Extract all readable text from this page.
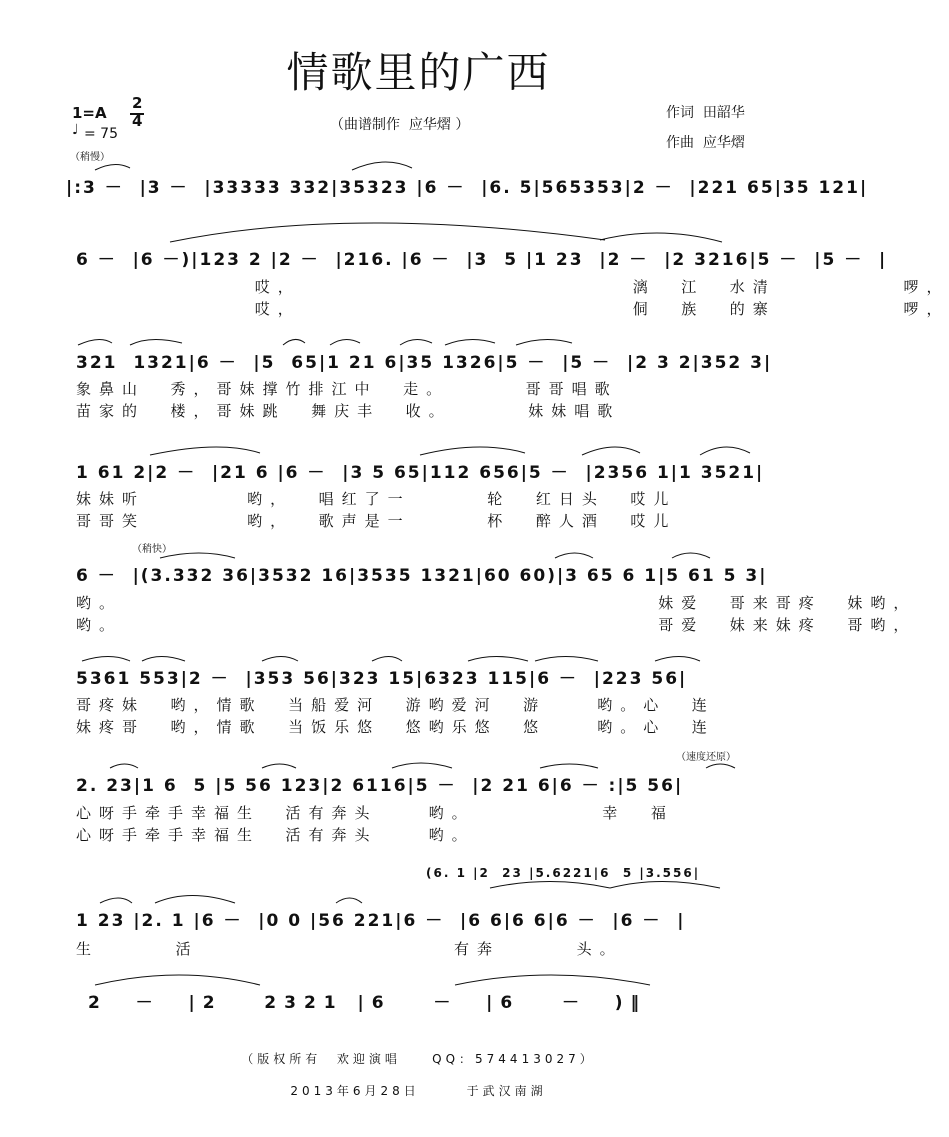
情歌里的广西
1=A
2
4
♩ = 75
（稍慢）
（曲谱制作  应华熠 ）
作词  田韶华
作曲  应华熠
|:3 －  |3 －  |33333 332|35323 |6 －  |6. 5|565353|2 －  |221 65|35 121|
6 －  |6 －)|123 2 |2 －  |216. |6 －  |3  5 |1 23  |2 －  |2 3216|5 －  |5 －  |
哎，                          漓  江  水清          啰，
哎，                          侗  族  的寨          啰，
321  1321|6 －  |5  65|1 21 6|35 1326|5 －  |5 －  |2 3 2|352 3|
象鼻山  秀，哥妹撑竹排江中  走。      哥哥唱歌
苗家的  楼，哥妹跳  舞庆丰  收。      妹妹唱歌
1 61 2|2 －  |21 6 |6 －  |3 5 65|112 656|5 －  |2356 1|1 3521|
妹妹听        哟，  唱红了一      轮  红日头  哎儿
哥哥笑        哟，  歌声是一      杯  醉人酒  哎儿
（稍快）
6 －  |(3.332 36|3532 16|3535 1321|60 60)|3 65 6 1|5 61 5 3|
哟。                                          妹爱  哥来哥疼  妹哟，
哟。                                          哥爱  妹来妹疼  哥哟，
5361 553|2 －  |353 56|323 15|6323 115|6 －  |223 56|
哥疼妹  哟，情歌  当船爱河  游哟爱河  游    哟。心  连
妹疼哥  哟，情歌  当饭乐悠  悠哟乐悠  悠    哟。心  连
（速度还原）
2. 23|1 6  5 |5 56 123|2 6116|5 －  |2 21 6|6 － :|5 56|
心呀手牵手幸福生  活有奔头    哟。          幸  福
心呀手牵手幸福生  活有奔头    哟。
(6. 1 |2  23 |5.6221|6  5 |3.556|
1 23 |2. 1 |6 －  |0 0 |56 221|6 －  |6 6|6 6|6 －  |6 －  |
生      活                    有奔      头。
2  －  |2   2321 |6   －  |6   －  )‖
（版权所有  欢迎演唱    QQ：574413027）
2013年6月28日      于武汉南湖
